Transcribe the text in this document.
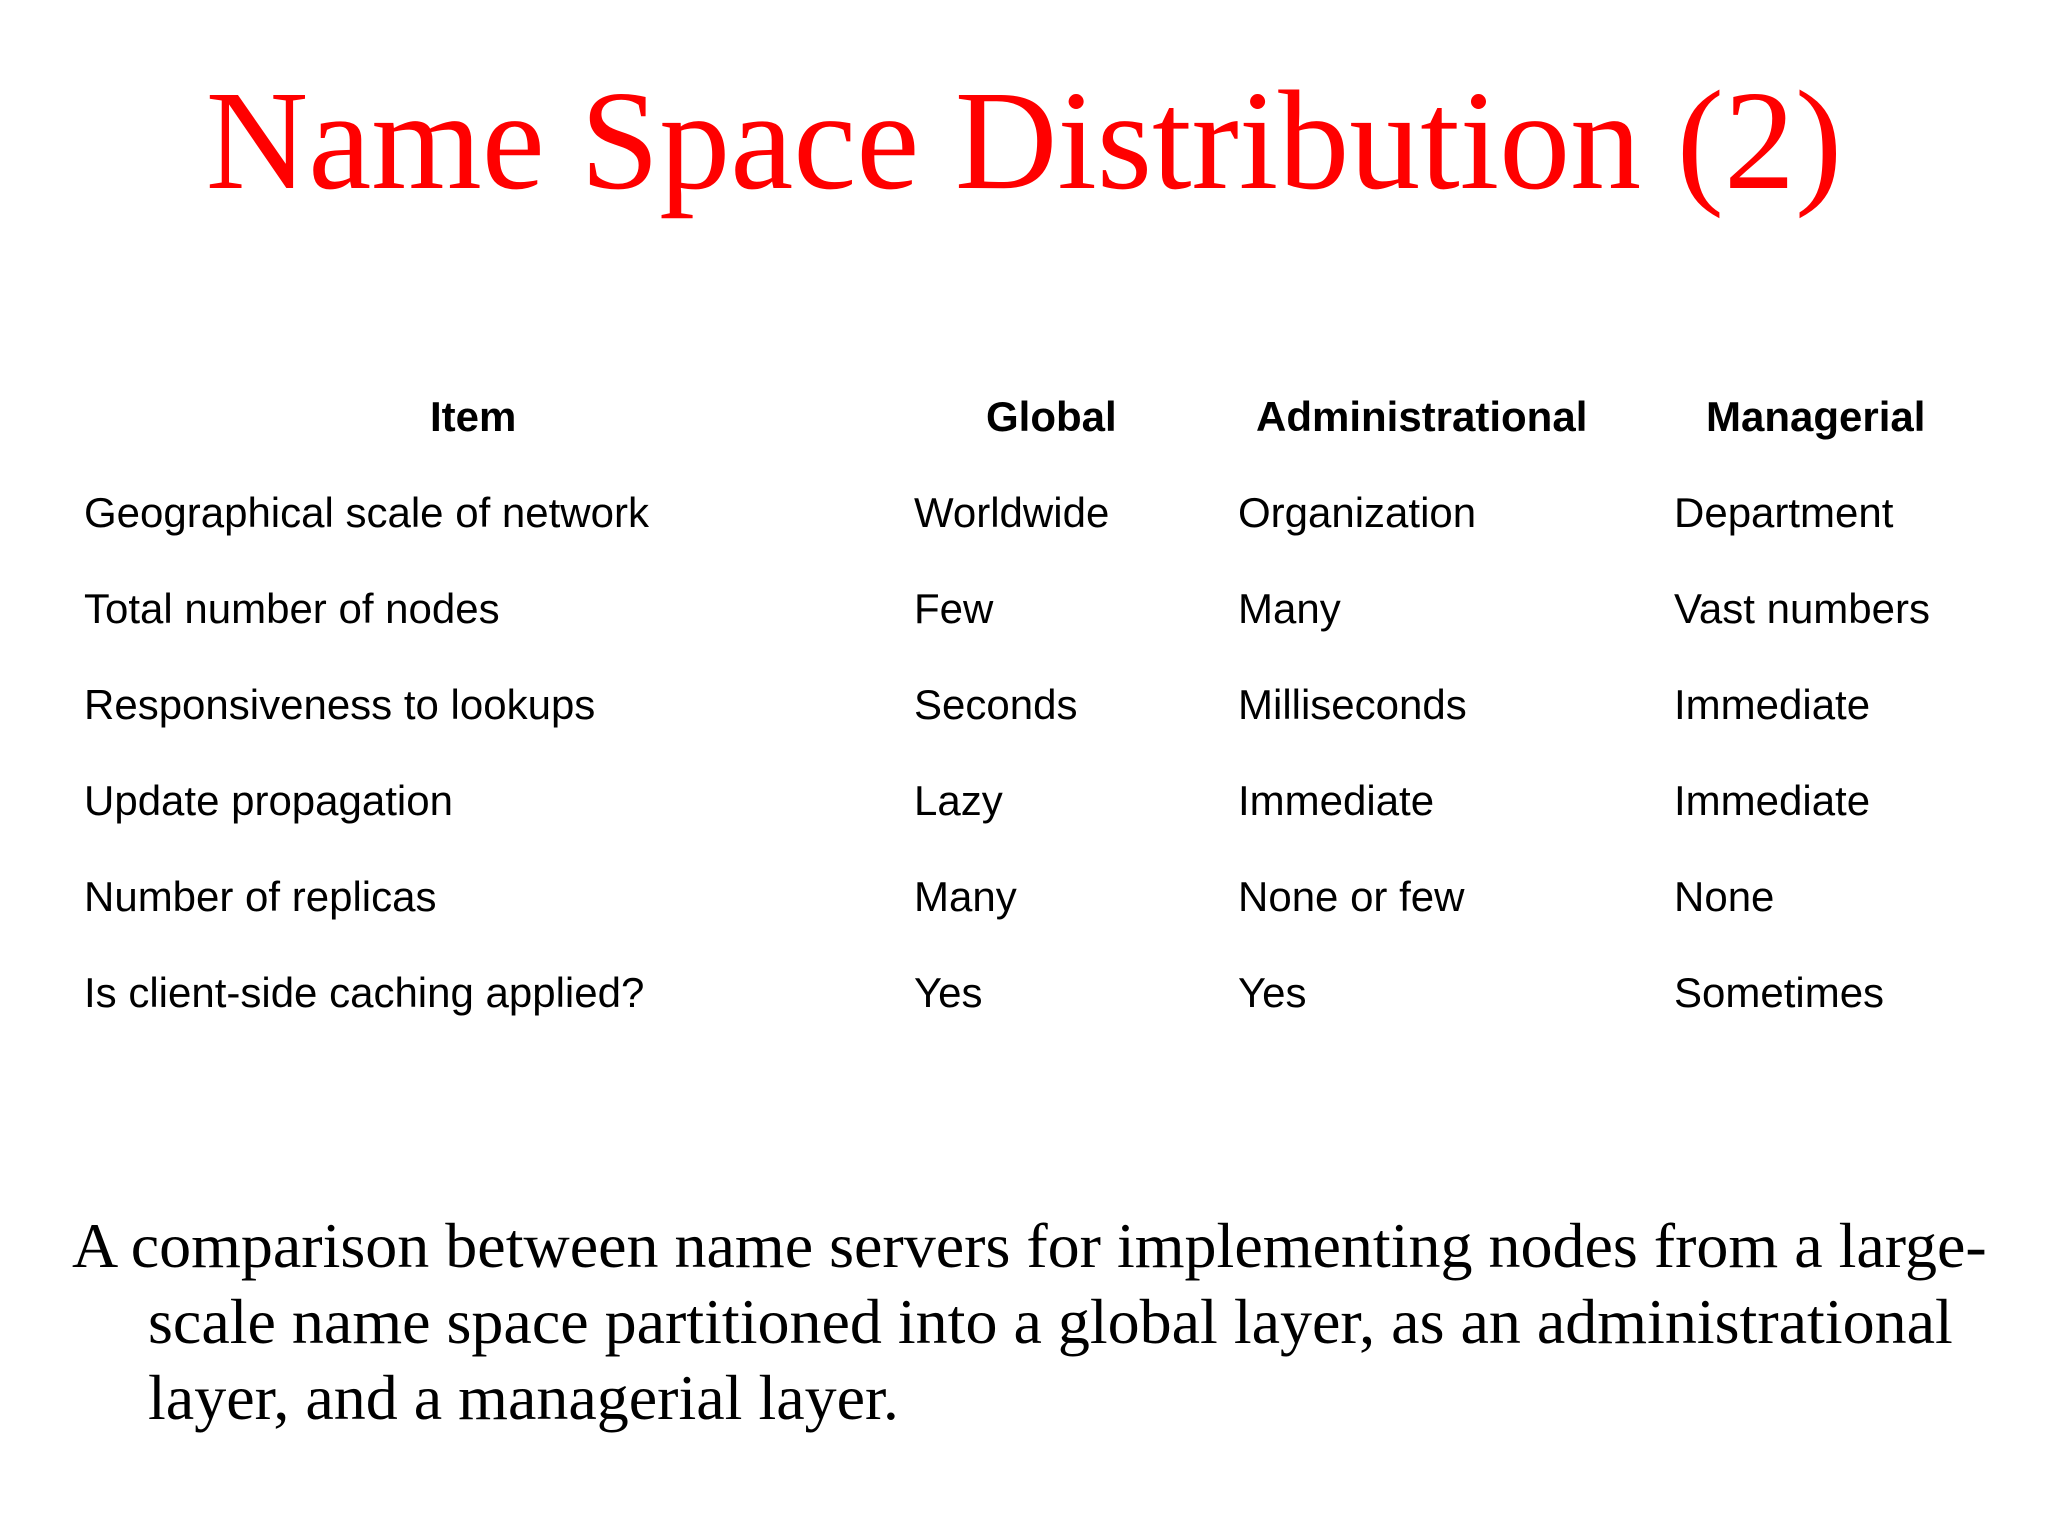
Name Space Distribution (2)
Item	Global	Administrational	Managerial
Geographical scale of network	Worldwide	Organization	Department
Total number of nodes	Few	Many	Vast numbers
Responsiveness to lookups	Seconds	Milliseconds	Immediate
Update propagation	Lazy	Immediate	Immediate
Number of replicas	Many	None or few	None
Is client-side caching applied?	Yes	Yes	Sometimes
A comparison between name servers for implementing nodes from a large-scale name space partitioned into a global layer, as an administrational layer, and a managerial layer.
